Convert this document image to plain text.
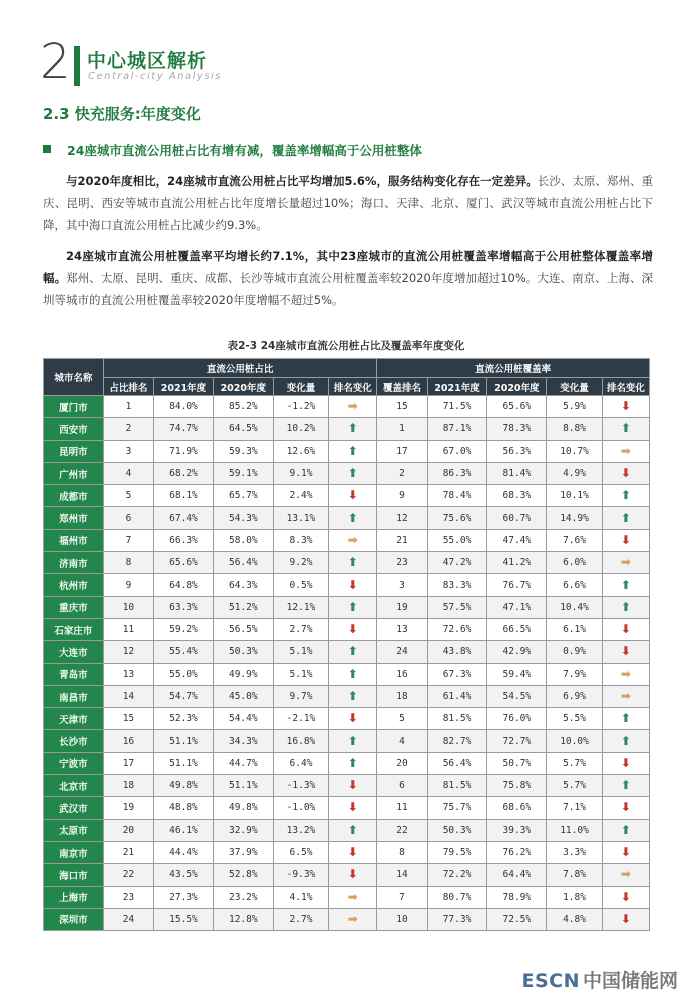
2 中心城区解析
Central-city Analysis
2.3 快充服务:年度变化
24座城市直流公用桩占比有增有减，覆盖率增幅高于公用桩整体

与2020年度相比，24座城市直流公用桩占比平均增加5.6%，服务结构变化存在一定差异。长沙、太原、郑州、重庆、昆明、西安等城市直流公用桩占比年度增长量超过10%；海口、天津、北京、厦门、武汉等城市直流公用桩占比下降，其中海口直流公用桩占比减少约9.3%。

24座城市直流公用桩覆盖率平均增长约7.1%，其中23座城市的直流公用桩覆盖率增幅高于公用桩整体覆盖率增幅。郑州、太原、昆明、重庆、成都、长沙等城市直流公用桩覆盖率较2020年度增加超过10%。大连、南京、上海、深圳等城市的直流公用桩覆盖率较2020年度增幅不超过5%。

表2-3 24座城市直流公用桩占比及覆盖率年度变化
城市名称	直流公用桩占比					直流公用桩覆盖率				
	占比排名	2021年度	2020年度	变化量	排名变化	覆盖排名	2021年度	2020年度	变化量	排名变化
厦门市	1	84.0%	85.2%	-1.2%	➡	15	71.5%	65.6%	5.9%	⬇
西安市	2	74.7%	64.5%	10.2%	⬆	1	87.1%	78.3%	8.8%	⬆
昆明市	3	71.9%	59.3%	12.6%	⬆	17	67.0%	56.3%	10.7%	➡
广州市	4	68.2%	59.1%	9.1%	⬆	2	86.3%	81.4%	4.9%	⬇
成都市	5	68.1%	65.7%	2.4%	⬇	9	78.4%	68.3%	10.1%	⬆
郑州市	6	67.4%	54.3%	13.1%	⬆	12	75.6%	60.7%	14.9%	⬆
福州市	7	66.3%	58.0%	8.3%	➡	21	55.0%	47.4%	7.6%	⬇
济南市	8	65.6%	56.4%	9.2%	⬆	23	47.2%	41.2%	6.0%	➡
杭州市	9	64.8%	64.3%	0.5%	⬇	3	83.3%	76.7%	6.6%	⬆
重庆市	10	63.3%	51.2%	12.1%	⬆	19	57.5%	47.1%	10.4%	⬆
石家庄市	11	59.2%	56.5%	2.7%	⬇	13	72.6%	66.5%	6.1%	⬇
大连市	12	55.4%	50.3%	5.1%	⬆	24	43.8%	42.9%	0.9%	⬇
青岛市	13	55.0%	49.9%	5.1%	⬆	16	67.3%	59.4%	7.9%	➡
南昌市	14	54.7%	45.0%	9.7%	⬆	18	61.4%	54.5%	6.9%	➡
天津市	15	52.3%	54.4%	-2.1%	⬇	5	81.5%	76.0%	5.5%	⬆
长沙市	16	51.1%	34.3%	16.8%	⬆	4	82.7%	72.7%	10.0%	⬆
宁波市	17	51.1%	44.7%	6.4%	⬆	20	56.4%	50.7%	5.7%	⬇
北京市	18	49.8%	51.1%	-1.3%	⬇	6	81.5%	75.8%	5.7%	⬆
武汉市	19	48.8%	49.8%	-1.0%	⬇	11	75.7%	68.6%	7.1%	⬇
太原市	20	46.1%	32.9%	13.2%	⬆	22	50.3%	39.3%	11.0%	⬆
南京市	21	44.4%	37.9%	6.5%	⬇	8	79.5%	76.2%	3.3%	⬇
海口市	22	43.5%	52.8%	-9.3%	⬇	14	72.2%	64.4%	7.8%	➡
上海市	23	27.3%	23.2%	4.1%	➡	7	80.7%	78.9%	1.8%	⬇
深圳市	24	15.5%	12.8%	2.7%	➡	10	77.3%	72.5%	4.8%	⬇
ESCN 中国储能网
